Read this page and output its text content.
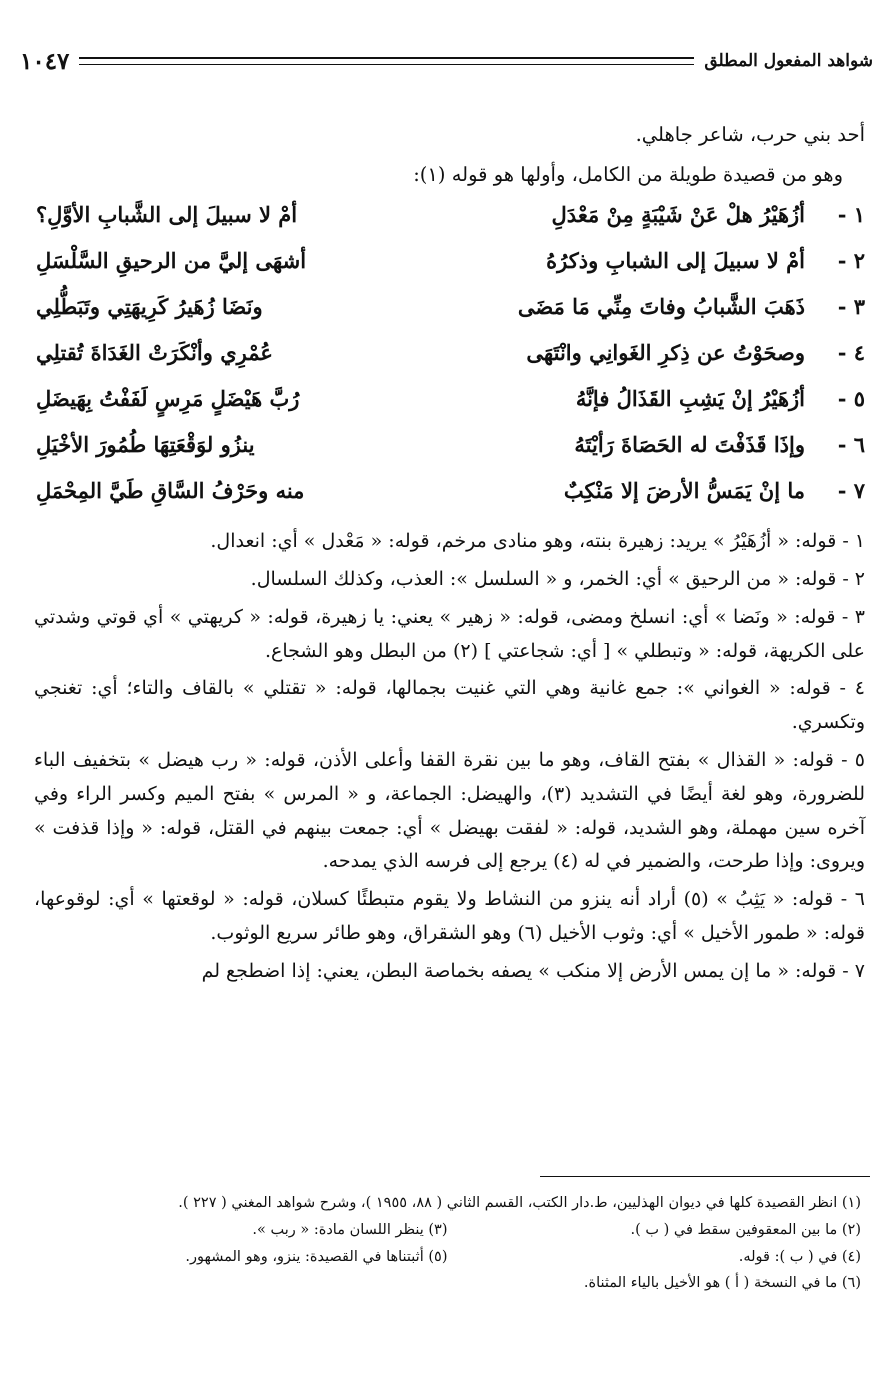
شواهد المفعول المطلق
١٠٤٧

أحد بني حرب، شاعر جاهلي.

وهو من قصيدة طويلة من الكامل، وأولها هو قوله (١):

١ -
أزُهَيْرُ هلْ عَنْ شَيْبَةٍ مِنْ مَعْدَلِ
أمْ لا سبيلَ إلى الشَّبابِ الأوَّلِ؟
٢ -
أمْ لا سبيلَ إلى الشبابِ وذكرُهُ
أشهَى إليَّ من الرحيقِ السَّلْسَلِ
٣ -
ذَهَبَ الشَّبابُ وفاتَ مِنِّي مَا مَضَى
ونَضَا زُهَيرُ كَرِيهَتِي وتَبَطُّلِي
٤ -
وصحَوْتُ عن ذِكرِ الغَوانِي وانْتَهَى
عُمْرِي وأنْكَرَتْ الغَدَاةَ تُقتلِي
٥ -
أزُهَيْرُ إنْ يَشِبِ القَذَالُ فإنَّهُ
رُبَّ هَيْضَلٍ مَرِسٍ لَفَفْتُ بِهَيضَلِ
٦ -
وإذَا قَذَفْتَ له الحَصَاةَ رَأيْتَهُ
ينزُو لوَقْعَتِهَا طُمُورَ الأخْيَلِ
٧ -
ما إنْ يَمَسُّ الأرضَ إلا مَنْكِبٌ
منه وحَرْفُ السَّاقِ طَيَّ المِحْمَلِ

١ - قوله: « أزُهَيْرُ » يريد: زهيرة بنته، وهو منادى مرخم، قوله: « مَعْدل » أي: انعدال.

٢ - قوله: « من الرحيق » أي: الخمر، و « السلسل »: العذب، وكذلك السلسال.

٣ - قوله: « ونَضا » أي: انسلخ ومضى، قوله: « زهير » يعني: يا زهيرة، قوله: « كريهتي » أي قوتي وشدتي على الكريهة، قوله: « وتبطلي » [ أي: شجاعتي ] (٢) من البطل وهو الشجاع.

٤ - قوله: « الغواني »: جمع غانية وهي التي غنيت بجمالها، قوله: « تقتلي » بالقاف والتاء؛ أي: تغنجي وتكسري.

٥ - قوله: « القذال » بفتح القاف، وهو ما بين نقرة القفا وأعلى الأذن، قوله: « رب هيضل » بتخفيف الباء للضرورة، وهو لغة أيضًا في التشديد (٣)، والهيضل: الجماعة، و « المرس » بفتح الميم وكسر الراء وفي آخره سين مهملة، وهو الشديد، قوله: « لفقت بهيضل » أي: جمعت بينهم في القتل، قوله: « وإذا قذفت » ويروى: وإذا طرحت، والضمير في له (٤) يرجع إلى فرسه الذي يمدحه.

٦ - قوله: « يَثِبُ » (٥) أراد أنه ينزو من النشاط ولا يقوم متبطئًا كسلان، قوله: « لوقعتها » أي: لوقوعها، قوله: « طمور الأخيل » أي: وثوب الأخيل (٦) وهو الشقراق، وهو طائر سريع الوثوب.

٧ - قوله: « ما إن يمس الأرض إلا منكب » يصفه بخماصة البطن، يعني: إذا اضطجع لم

(١) انظر القصيدة كلها في ديوان الهذليين، ط.دار الكتب، القسم الثاني ( ٨٨، ١٩٥٥ )، وشرح شواهد المغني ( ٢٢٧ ).
(٢) ما بين المعقوفين سقط في ( ب ).
(٣) ينظر اللسان مادة: « ربب ».
(٤) في ( ب ): قوله.
(٥) أثبتناها في القصيدة: ينزو، وهو المشهور.
(٦) ما في النسخة ( أ ) هو الأخيل بالياء المثناة.
